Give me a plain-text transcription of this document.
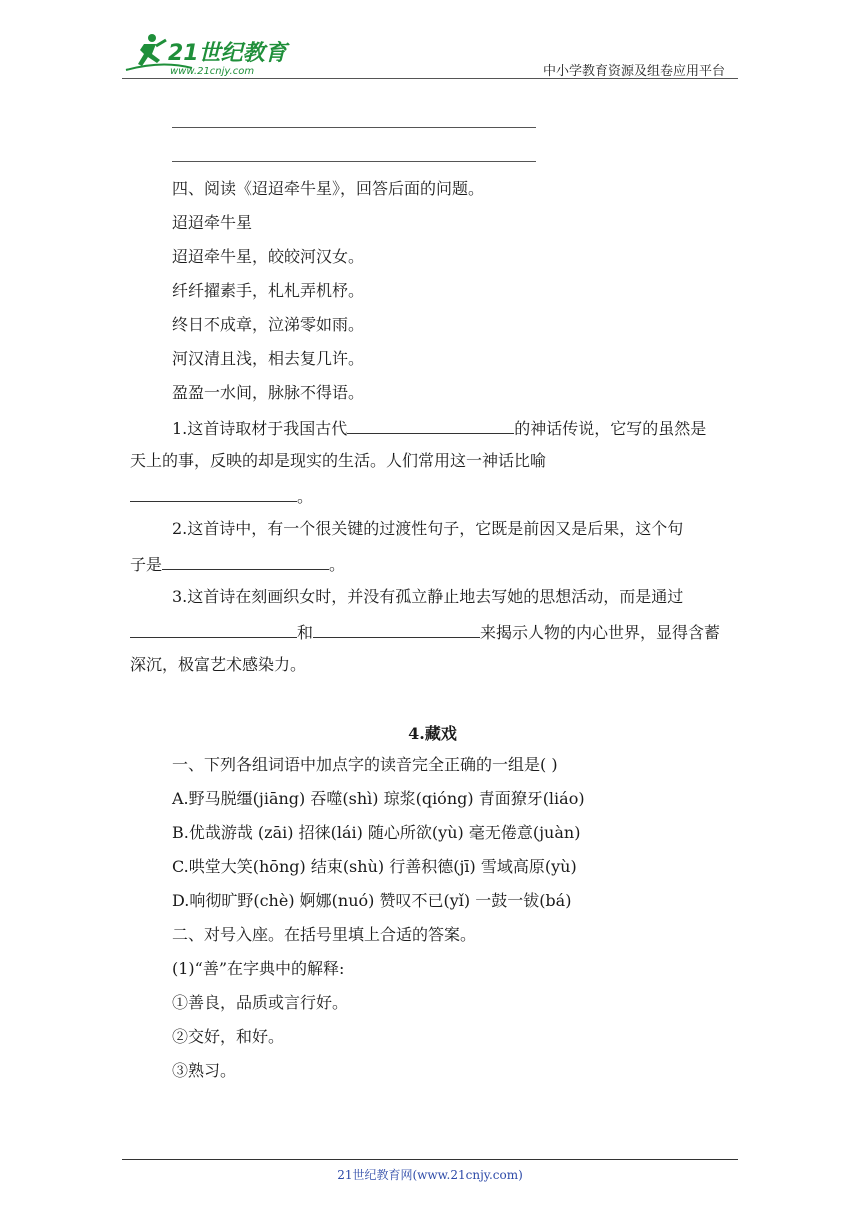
21世纪教育
www.21cnjy.com	中小学教育资源及组卷应用平台
四、阅读《迢迢牵牛星》，回答后面的问题。
迢迢牵牛星
迢迢牵牛星，皎皎河汉女。
纤纤擢素手，札札弄机杼。
终日不成章，泣涕零如雨。
河汉清且浅，相去复几许。
盈盈一水间，脉脉不得语。
1.这首诗取材于我国古代	的神话传说，它写的虽然是
天上的事，反映的却是现实的生活。人们常用这一神话比喻
。
2.这首诗中，有一个很关键的过渡性句子，它既是前因又是后果，这个句
子是	。
3.这首诗在刻画织女时，并没有孤立静止地去写她的思想活动，而是通过
和	来揭示人物的内心世界，显得含蓄
深沉，极富艺术感染力。
4.藏戏
一、下列各组词语中加点字的读音完全正确的一组是( )
A.野马脱缰(jiāng) 吞噬(shì) 琼浆(qióng) 青面獠牙(liáo)
B.优哉游哉 (zāi) 招徕(lái) 随心所欲(yù) 毫无倦意(juàn)
C.哄堂大笑(hōng) 结束(shù) 行善积德(jī) 雪域高原(yù)
D.响彻旷野(chè) 婀娜(nuó) 赞叹不已(yǐ) 一鼓一钹(bá)
二、对号入座。在括号里填上合适的答案。
(1)“善”在字典中的解释:
①善良，品质或言行好。
②交好，和好。
③熟习。
21世纪教育网(www.21cnjy.com)
